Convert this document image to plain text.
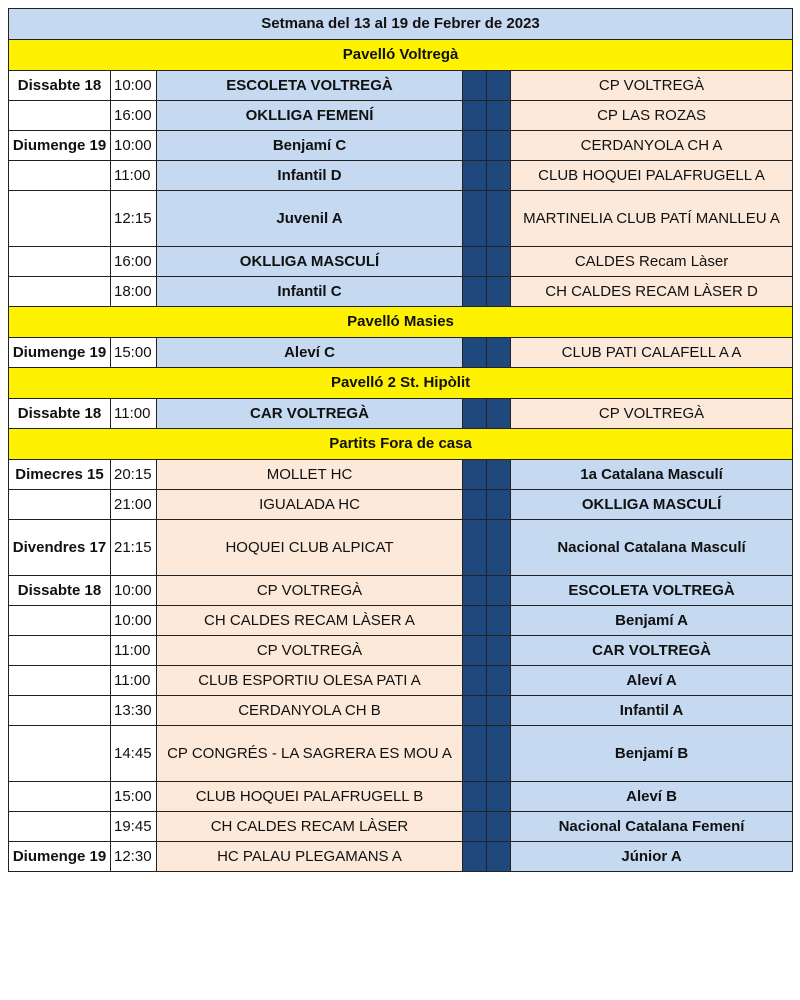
Setmana del 13 al 19 de Febrer de 2023					
Pavelló Voltregà					
Dissabte 18	10:00	ESCOLETA VOLTREGÀ			CP VOLTREGÀ
	16:00	OKLLIGA FEMENÍ			CP LAS ROZAS
Diumenge 19	10:00	Benjamí C			CERDANYOLA CH A
	11:00	Infantil D			CLUB HOQUEI PALAFRUGELL A
	12:15	Juvenil A			MARTINELIA CLUB PATÍ MANLLEU A
	16:00	OKLLIGA MASCULÍ			CALDES Recam Làser
	18:00	Infantil C			CH CALDES RECAM LÀSER D
Pavelló Masies					
Diumenge 19	15:00	Aleví C			CLUB PATI CALAFELL A A
Pavelló 2 St. Hipòlit					
Dissabte 18	11:00	CAR VOLTREGÀ			CP VOLTREGÀ
Partits Fora de casa					
Dimecres 15	20:15	MOLLET HC			1a Catalana Masculí
	21:00	IGUALADA HC			OKLLIGA MASCULÍ
Divendres 17	21:15	HOQUEI CLUB ALPICAT			Nacional Catalana Masculí
Dissabte 18	10:00	CP VOLTREGÀ			ESCOLETA VOLTREGÀ
	10:00	CH CALDES RECAM LÀSER A			Benjamí A
	11:00	CP VOLTREGÀ			CAR VOLTREGÀ
	11:00	CLUB ESPORTIU OLESA PATI A			Aleví A
	13:30	CERDANYOLA CH B			Infantil A
	14:45	CP CONGRÉS - LA SAGRERA ES MOU A			Benjamí B
	15:00	CLUB HOQUEI PALAFRUGELL B			Aleví B
	19:45	CH CALDES RECAM LÀSER			Nacional Catalana Femení
Diumenge 19	12:30	HC PALAU PLEGAMANS A			Júnior A
